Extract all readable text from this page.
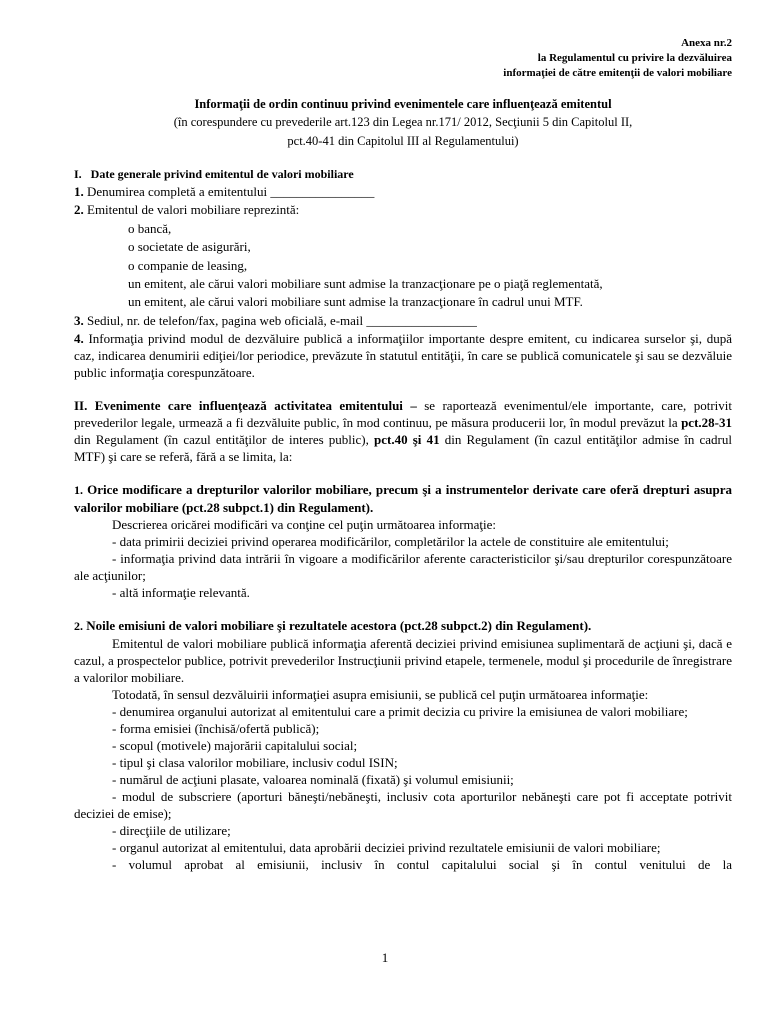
Anexa nr.2
la Regulamentul cu privire la dezvăluirea
informaţiei de către emitenţii de valori mobiliare
Informaţii de ordin continuu privind evenimentele care influenţează emitentul
(în corespundere cu prevederile art.123 din Legea nr.171/ 2012, Secţiunii 5 din Capitolul II,
pct.40-41 din Capitolul III al Regulamentului)
I. Date generale privind emitentul de valori mobiliare
1. Denumirea completă a emitentului ________________
2. Emitentul de valori mobiliare reprezintă:
o bancă,
o societate de asigurări,
o companie de leasing,
un emitent, ale cărui valori mobiliare sunt admise la tranzacţionare pe o piaţă reglementată,
un emitent, ale cărui valori mobiliare sunt admise la tranzacţionare în cadrul unui MTF.
3. Sediul, nr. de telefon/fax, pagina web oficială, e-mail _________________
4. Informaţia privind modul de dezvăluire publică a informaţiilor importante despre emitent, cu indicarea surselor şi, după caz, indicarea denumirii ediţiei/lor periodice, prevăzute în statutul entităţii, în care se publică comunicatele şi sau se dezvăluie public informaţia corespunzătoare.
II. Evenimente care influenţează activitatea emitentului – se raportează evenimentul/ele importante, care, potrivit prevederilor legale, urmează a fi dezvăluite public, în mod continuu, pe măsura producerii lor, în modul prevăzut la pct.28-31 din Regulament (în cazul entităţilor de interes public), pct.40 şi 41 din Regulament (în cazul entităţilor admise în cadrul MTF) şi care se referă, fără a se limita, la:
1. Orice modificare a drepturilor valorilor mobiliare, precum şi a instrumentelor derivate care oferă drepturi asupra valorilor mobiliare (pct.28 subpct.1) din Regulament).
Descrierea oricărei modificări va conţine cel puţin următoarea informaţie:
- data primirii deciziei privind operarea modificărilor, completărilor la actele de constituire ale emitentului;
- informaţia privind data intrării în vigoare a modificărilor aferente caracteristicilor şi/sau drepturilor corespunzătoare ale acţiunilor;
- altă informaţie relevantă.
2. Noile emisiuni de valori mobiliare şi rezultatele acestora (pct.28 subpct.2) din Regulament).
Emitentul de valori mobiliare publică informaţia aferentă deciziei privind emisiunea suplimentară de acţiuni şi, dacă e cazul, a prospectelor publice, potrivit prevederilor Instrucţiunii privind etapele, termenele, modul şi procedurile de înregistrare a valorilor mobiliare.
Totodată, în sensul dezvăluirii informaţiei asupra emisiunii, se publică cel puţin următoarea informaţie:
- denumirea organului autorizat al emitentului care a primit decizia cu privire la emisiunea de valori mobiliare;
- forma emisiei (închisă/ofertă publică);
- scopul (motivele) majorării capitalului social;
- tipul şi clasa valorilor mobiliare, inclusiv codul ISIN;
- numărul de acţiuni plasate, valoarea nominală (fixată) şi volumul emisiunii;
- modul de subscriere (aporturi băneşti/nebăneşti, inclusiv cota aporturilor nebăneşti care pot fi acceptate potrivit deciziei de emise);
- direcţiile de utilizare;
- organul autorizat al emitentului, data aprobării deciziei privind rezultatele emisiunii de valori mobiliare;
- volumul aprobat al emisiunii, inclusiv în contul capitalului social şi în contul venitului de la
1
